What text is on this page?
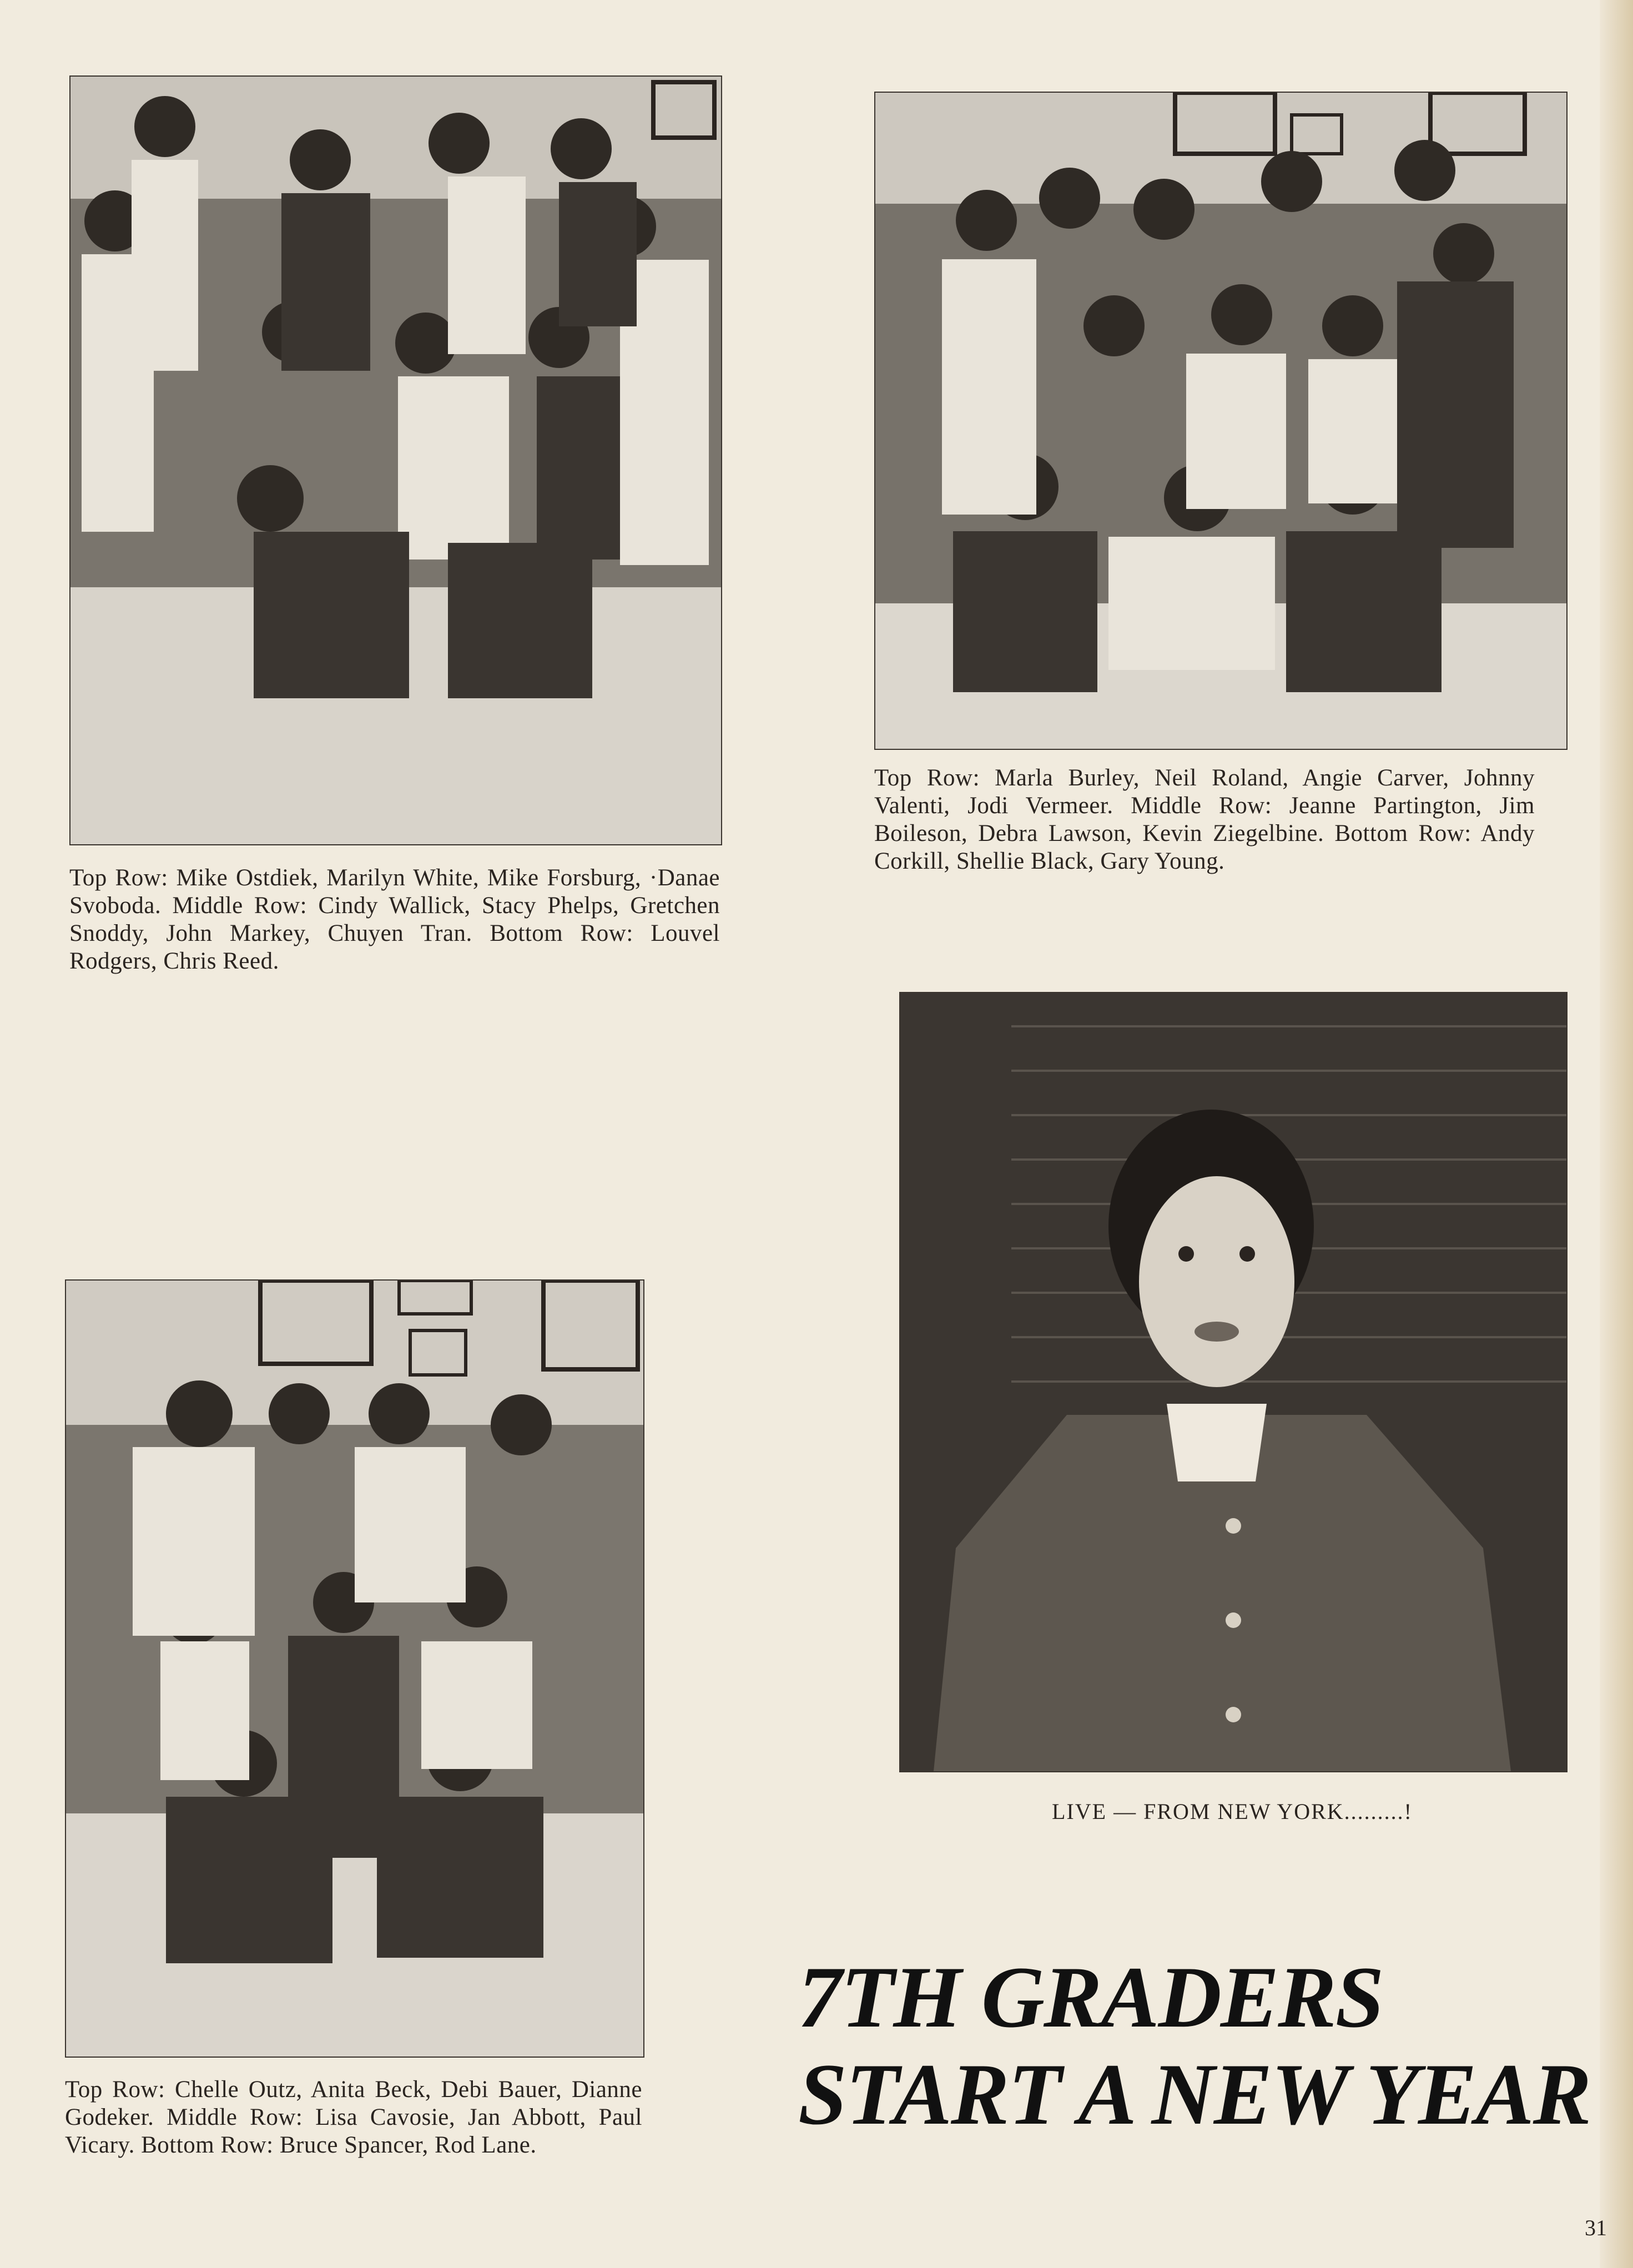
Top Row: Mike Ostdiek, Marilyn White, Mike Forsburg, ·Danae Svoboda. Middle Row: Cindy Wallick, Stacy Phelps, Gretchen Snoddy, John Markey, Chuyen Tran. Bottom Row: Louvel Rodgers, Chris Reed.
Top Row: Marla Burley, Neil Roland, Angie Carver, Johnny Valenti, Jodi Vermeer. Middle Row: Jeanne Partington, Jim Boileson, Debra Lawson, Kevin Ziegelbine. Bottom Row: Andy Corkill, Shellie Black, Gary Young.
Top Row: Chelle Outz, Anita Beck, Debi Bauer, Dianne Godeker. Middle Row: Lisa Cavosie, Jan Abbott, Paul Vicary. Bottom Row: Bruce Spancer, Rod Lane.
LIVE — FROM NEW YORK.........!
7TH GRADERS
START A NEW YEAR
31
